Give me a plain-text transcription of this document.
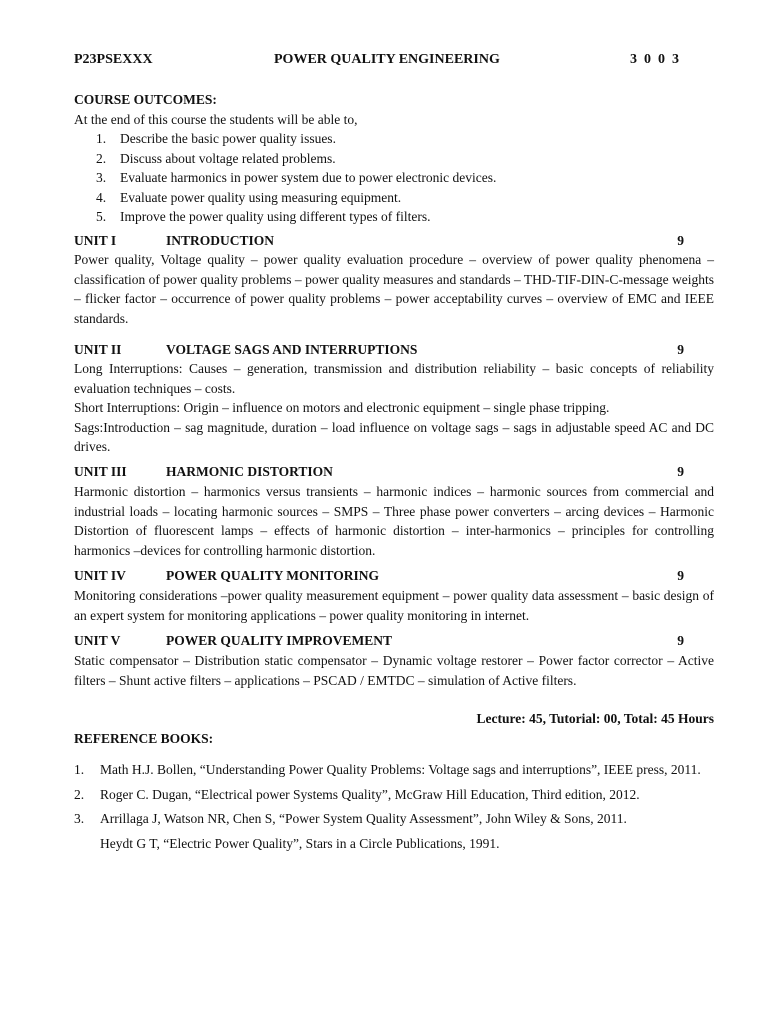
P23PSEXXX	POWER QUALITY ENGINEERING	3  0  0  3
COURSE OUTCOMES:
At the end of this course the students will be able to,
1. Describe the basic power quality issues.
2. Discuss about voltage related problems.
3. Evaluate harmonics in power system due to power electronic devices.
4. Evaluate power quality using measuring equipment.
5. Improve the power quality using different types of filters.
UNIT I	INTRODUCTION	9
Power quality, Voltage quality – power quality evaluation procedure – overview of power quality phenomena – classification of power quality problems – power quality measures and standards – THD-TIF-DIN-C-message weights – flicker factor – occurrence of power quality problems – power acceptability curves – overview of EMC and IEEE standards.
UNIT II	VOLTAGE SAGS AND INTERRUPTIONS	9
Long Interruptions: Causes – generation, transmission and distribution reliability – basic concepts of reliability evaluation techniques – costs.
Short Interruptions: Origin – influence on motors and electronic equipment – single phase tripping.
Sags:Introduction – sag magnitude, duration – load influence on voltage sags – sags in adjustable speed AC and DC drives.
UNIT III	HARMONIC DISTORTION	9
Harmonic distortion – harmonics versus transients – harmonic indices – harmonic sources from commercial and industrial loads – locating harmonic sources – SMPS – Three phase power converters – arcing devices – Harmonic Distortion of fluorescent lamps – effects of harmonic distortion – inter-harmonics – principles for controlling harmonics –devices for controlling harmonic distortion.
UNIT IV	POWER QUALITY MONITORING	9
Monitoring considerations –power quality measurement equipment – power quality data assessment – basic design of an expert system for monitoring applications – power quality monitoring in internet.
UNIT V	POWER QUALITY IMPROVEMENT	9
Static compensator – Distribution static compensator – Dynamic voltage restorer – Power factor corrector – Active filters – Shunt active filters – applications – PSCAD / EMTDC – simulation of Active filters.
Lecture: 45, Tutorial: 00, Total: 45 Hours
REFERENCE BOOKS:
1. Math H.J. Bollen, “Understanding Power Quality Problems: Voltage sags and interruptions”, IEEE press, 2011.
2. Roger C. Dugan, “Electrical power Systems Quality”, McGraw Hill Education, Third edition, 2012.
3. Arrillaga J, Watson NR, Chen S, “Power System Quality Assessment”, John Wiley & Sons, 2011.
Heydt G T, “Electric Power Quality”, Stars in a Circle Publications, 1991.
